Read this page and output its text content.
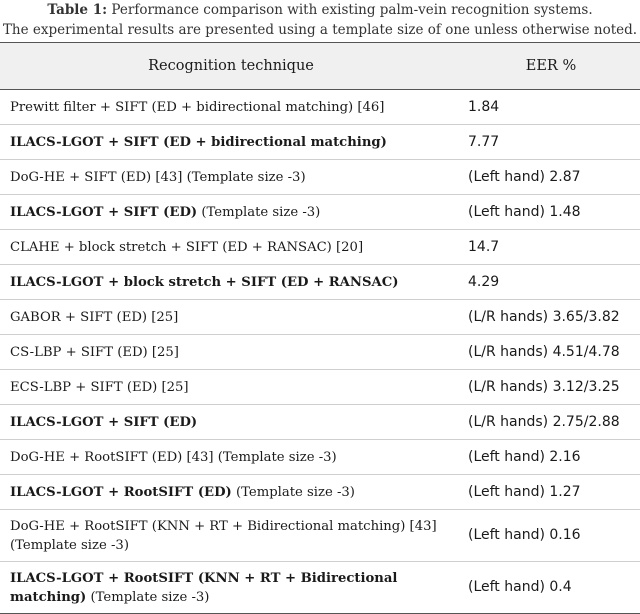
Table 1: Performance comparison with existing palm-vein recognition systems.
The experimental results are presented using a template size of one unless otherwise noted.
Recognition technique	EER %
Prewitt filter + SIFT (ED + bidirectional matching) [46]	1.84
ILACS-LGOT + SIFT (ED + bidirectional matching)	7.77
DoG-HE + SIFT (ED) [43] (Template size -3)	(Left hand) 2.87
ILACS-LGOT + SIFT (ED) (Template size -3)	(Left hand) 1.48
CLAHE + block stretch + SIFT (ED + RANSAC) [20]	14.7
ILACS-LGOT + block stretch + SIFT (ED + RANSAC)	4.29
GABOR + SIFT (ED) [25]	(L/R hands) 3.65/3.82
CS-LBP + SIFT (ED) [25]	(L/R hands) 4.51/4.78
ECS-LBP + SIFT (ED) [25]	(L/R hands) 3.12/3.25
ILACS-LGOT + SIFT (ED)	(L/R hands) 2.75/2.88
DoG-HE + RootSIFT (ED) [43] (Template size -3)	(Left hand) 2.16
ILACS-LGOT + RootSIFT (ED) (Template size -3)	(Left hand) 1.27
DoG-HE + RootSIFT (KNN + RT + Bidirectional matching) [43] (Template size -3)	(Left hand) 0.16
ILACS-LGOT + RootSIFT (KNN + RT + Bidirectional matching) (Template size -3)	(Left hand) 0.4
